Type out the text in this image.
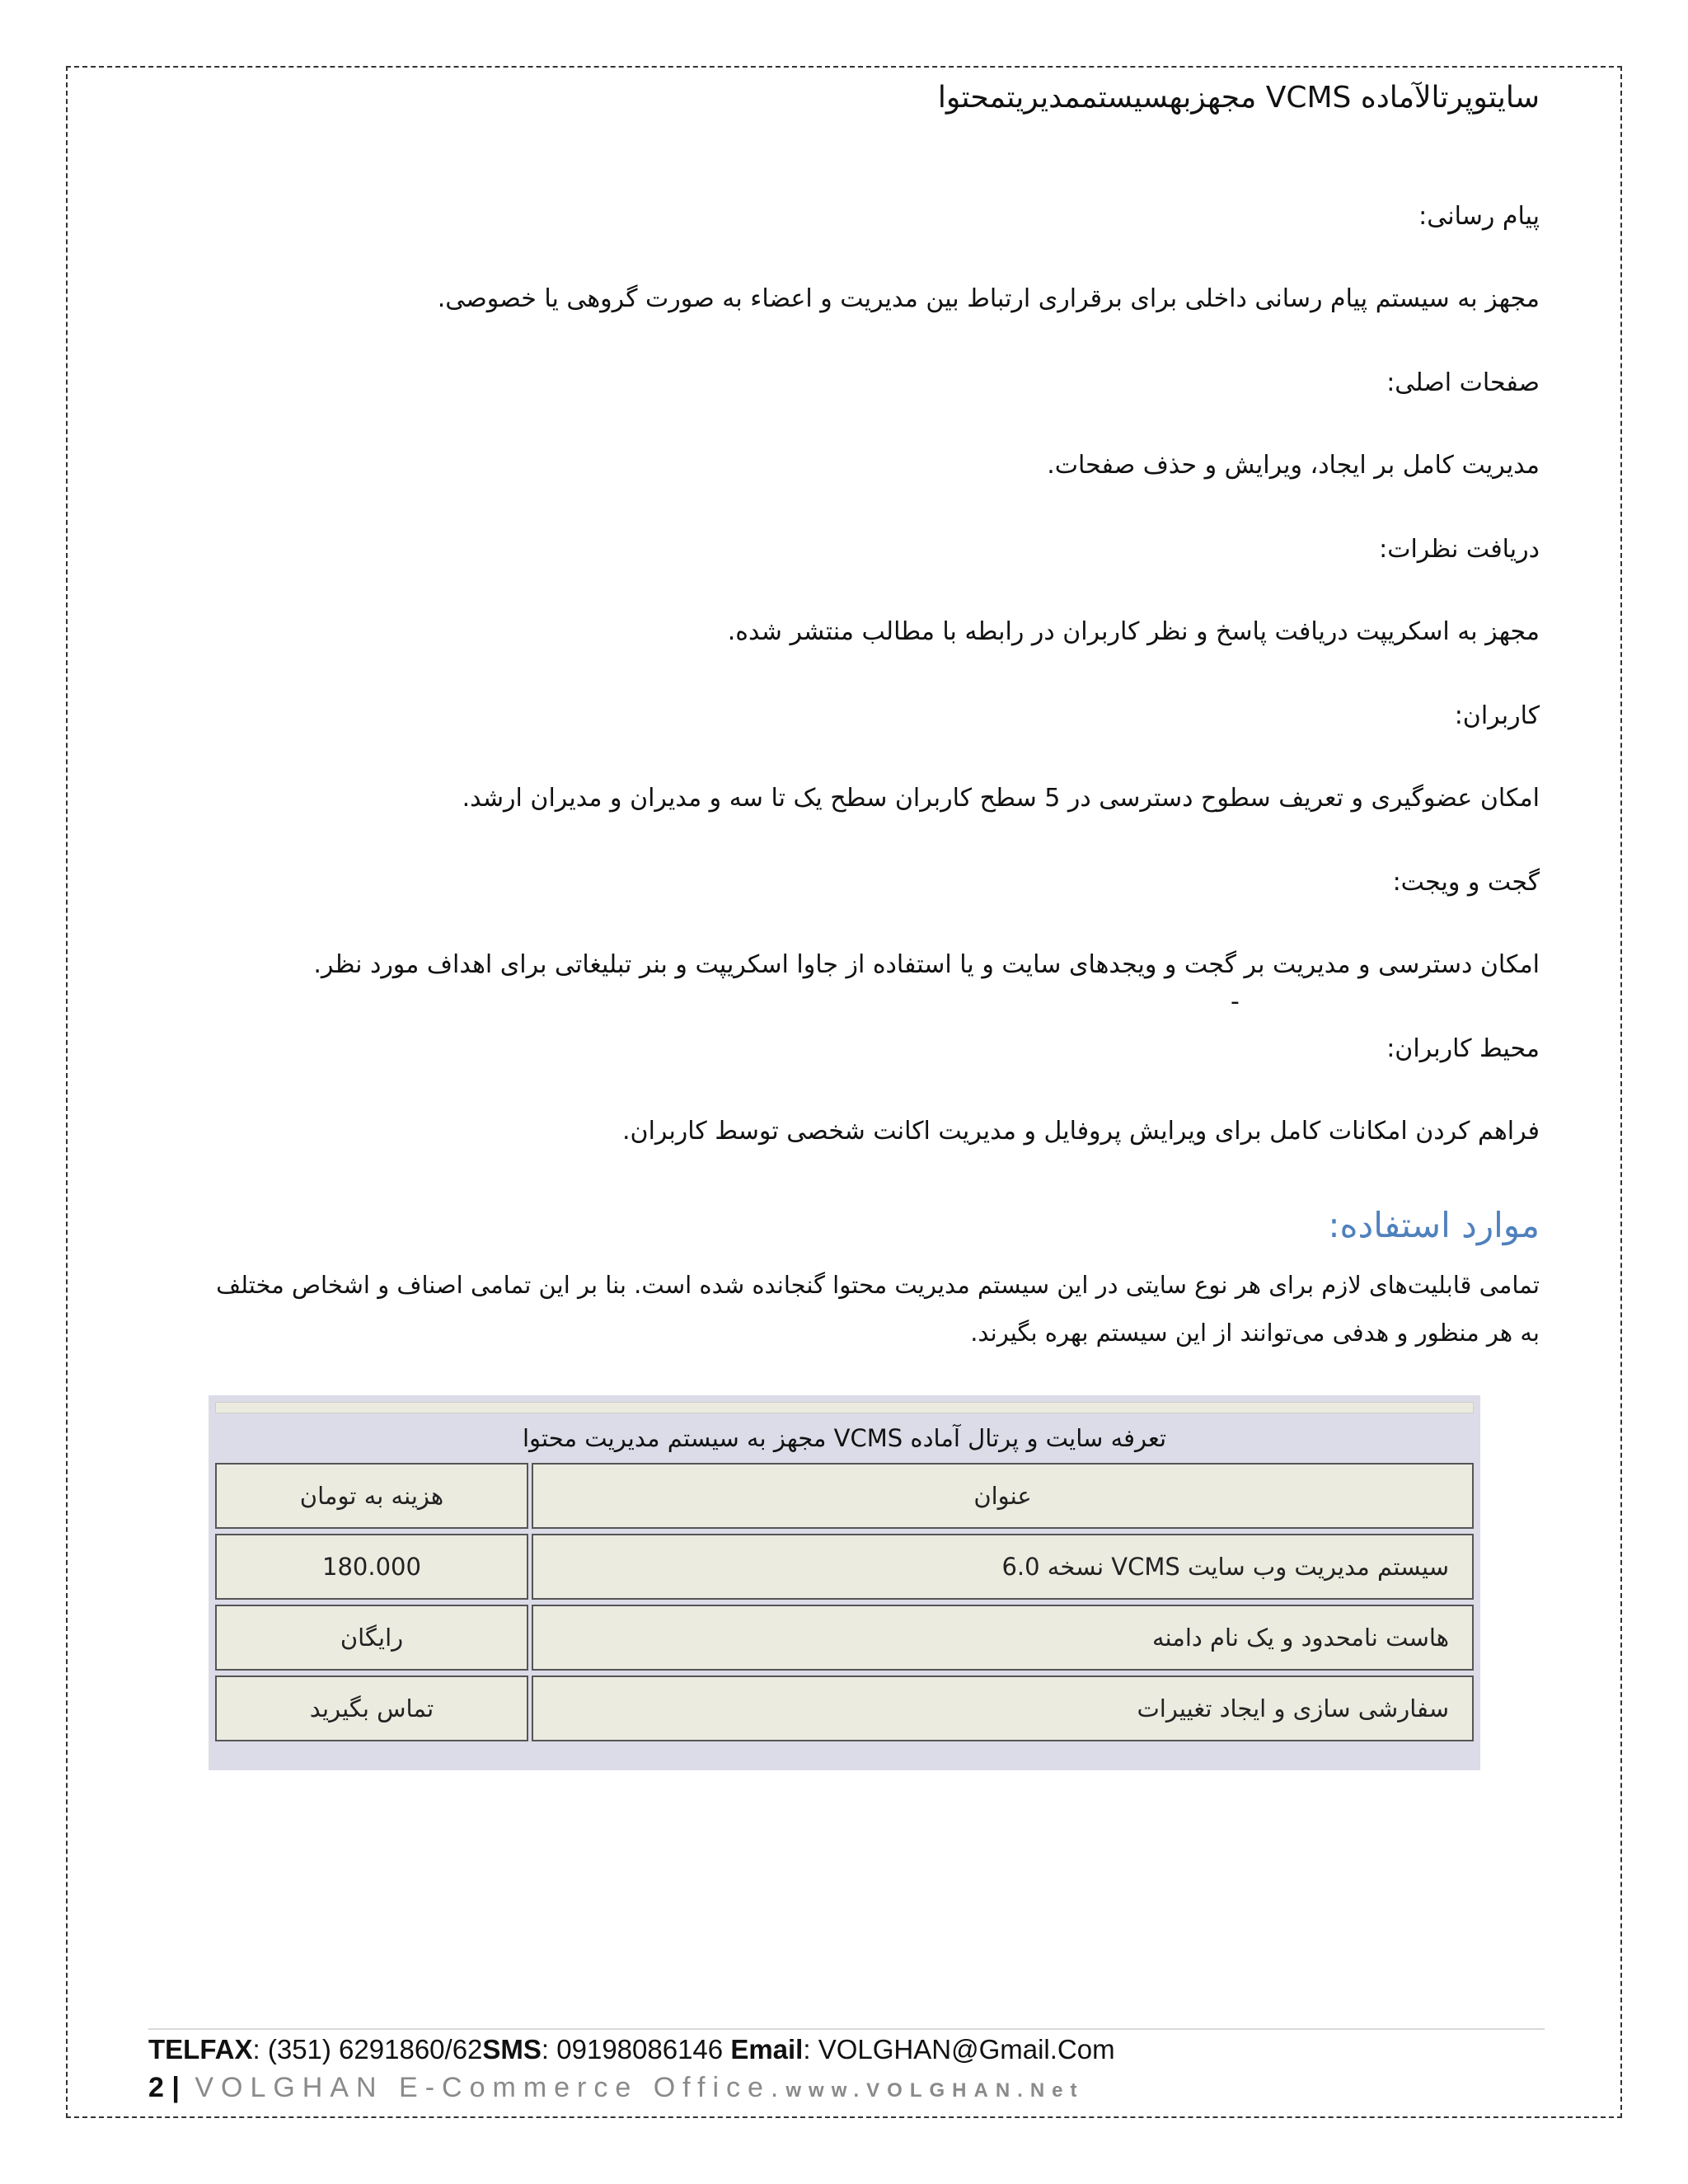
سایتوپرتالآماده VCMS مجهزبهسیستممدیریتمحتوا
پیام رسانی:
مجهز به سیستم پیام رسانی داخلی برای برقراری ارتباط بین مدیریت و اعضاء به صورت گروهی یا خصوصی.
صفحات اصلی:
مدیریت کامل بر ایجاد، ویرایش و حذف صفحات.
دریافت نظرات:
مجهز به اسکریپت دریافت پاسخ و نظر کاربران در رابطه با مطالب منتشر شده.
کاربران:
امکان عضوگیری و تعریف سطوح دسترسی در 5 سطح کاربران سطح یک تا سه و مدیران و مدیران ارشد.
گجت و ویجت:
امکان دسترسی و مدیریت بر گجت و ویجدهای سایت و یا استفاده از جاوا اسکریپت و بنر تبلیغاتی برای اهداف مورد نظر.
-
محیط کاربران:
فراهم کردن امکانات کامل برای ویرایش پروفایل و مدیریت اکانت شخصی توسط کاربران.
موارد استفاده:

تمامی قابلیت‌های لازم برای هر نوع سایتی در این سیستم مدیریت محتوا گنجانده شده است. بنا بر این تمامی اصناف و اشخاص مختلف

به هر منظور و هدفی می‌توانند از این سیستم بهره بگیرند.

تعرفه سایت و پرتال آماده VCMS مجهز به سیستم مدیریت محتوا
عنوان
هزینه به تومان
سیستم مدیریت وب سایت VCMS نسخه 6.0
180.000
هاست نامحدود و یک نام دامنه
رایگان
سفارشی سازی و ایجاد تغییرات
تماس بگیرید
TELFAX: (351) 6291860/62SMS: 09198086146 Email: VOLGHAN@Gmail.Com
2 | VOLGHAN E-Commerce Office.www.VOLGHAN.Net
